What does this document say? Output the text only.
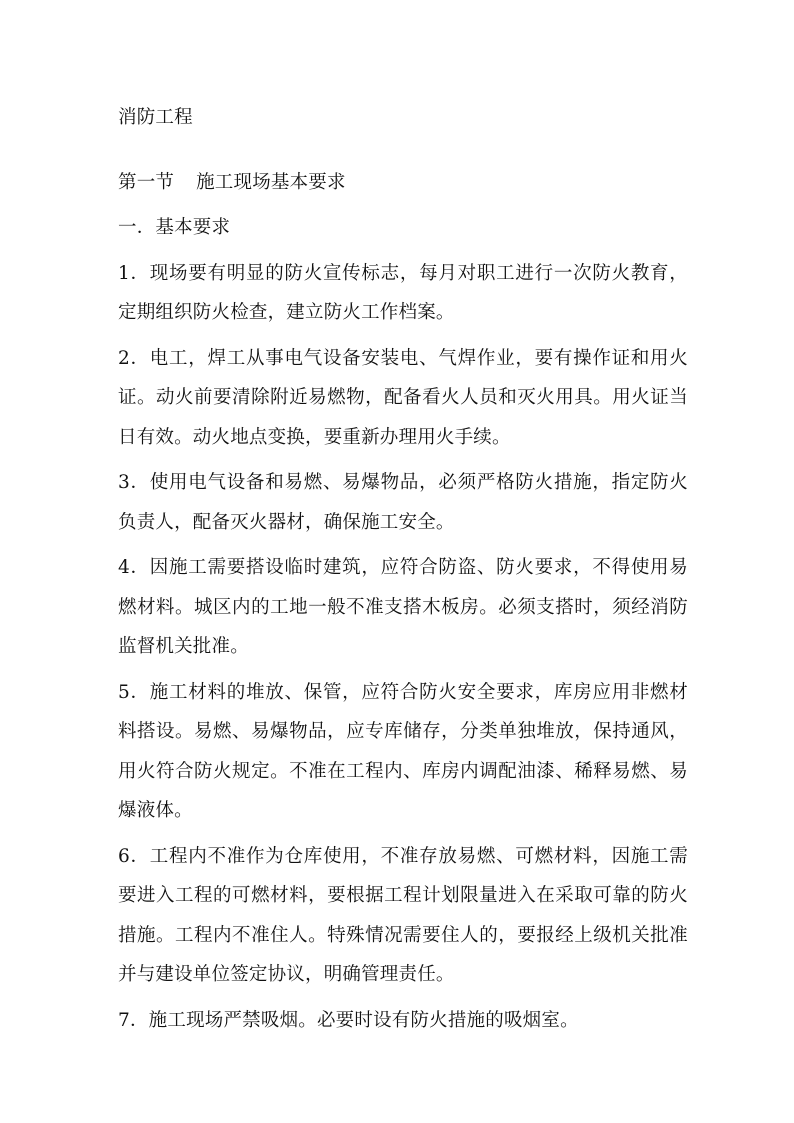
消防工程
第一节 施工现场基本要求
一．基本要求

1．现场要有明显的防火宣传标志，每月对职工进行一次防火教育，定期组织防火检查，建立防火工作档案。

2．电工，焊工从事电气设备安装电、气焊作业，要有操作证和用火证。动火前要清除附近易燃物，配备看火人员和灭火用具。用火证当日有效。动火地点变换，要重新办理用火手续。

3．使用电气设备和易燃、易爆物品，必须严格防火措施，指定防火负责人，配备灭火器材，确保施工安全。

4．因施工需要搭设临时建筑，应符合防盗、防火要求，不得使用易燃材料。城区内的工地一般不准支搭木板房。必须支搭时，须经消防监督机关批准。

5．施工材料的堆放、保管，应符合防火安全要求，库房应用非燃材料搭设。易燃、易爆物品，应专库储存，分类单独堆放，保持通风，用火符合防火规定。不准在工程内、库房内调配油漆、稀释易燃、易爆液体。

6．工程内不准作为仓库使用，不准存放易燃、可燃材料，因施工需要进入工程的可燃材料，要根据工程计划限量进入在采取可靠的防火措施。工程内不准住人。特殊情况需要住人的，要报经上级机关批准并与建设单位签定协议，明确管理责任。

7．施工现场严禁吸烟。必要时设有防火措施的吸烟室。
